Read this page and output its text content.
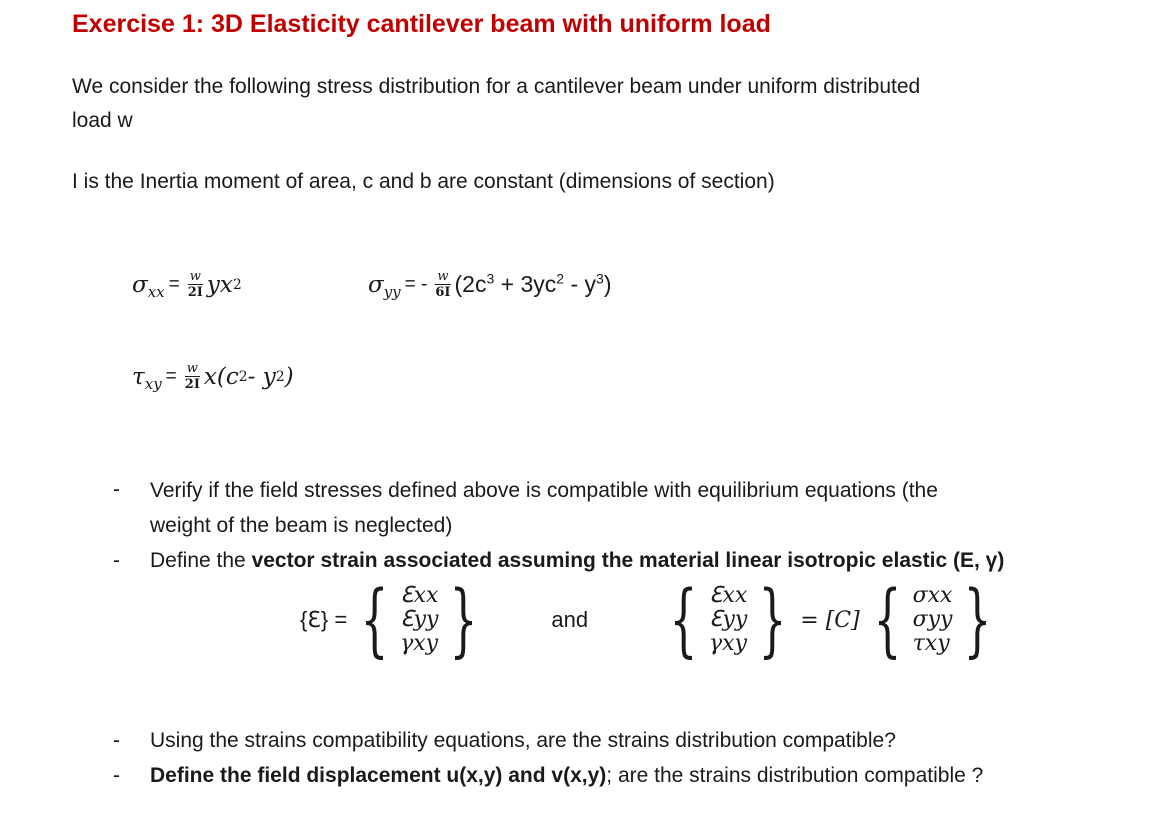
Exercise 1: 3D Elasticity cantilever beam with uniform load
We consider the following stress distribution for a cantilever beam under uniform distributed
load w
I is the Inertia moment of area, c and b are constant (dimensions of section)
σ xx = $\frac{w}{2I}$ yx 2	σ yy = - $\frac{w}{6I} (2c^3 + 3yc^2 - y^3)$
τ xy = $\frac{w}{2I} x(c$ 2 - y 2 )
- Verify if the field stresses defined above is compatible with equilibrium equations (the
weight of the beam is neglected)
- Define the vector strain associated assuming the material linear isotropic elastic (E, γ)
{ℇ} = { ℇxx
ℇyy
γxy }	and { ℇxx
ℇyy
γxy } = [C] { σxx
σyy
τxy }
- Using the strains compatibility equations, are the strains distribution compatible?
- Define the field displacement u(x,y) and v(x,y); are the strains distribution compatible ?
